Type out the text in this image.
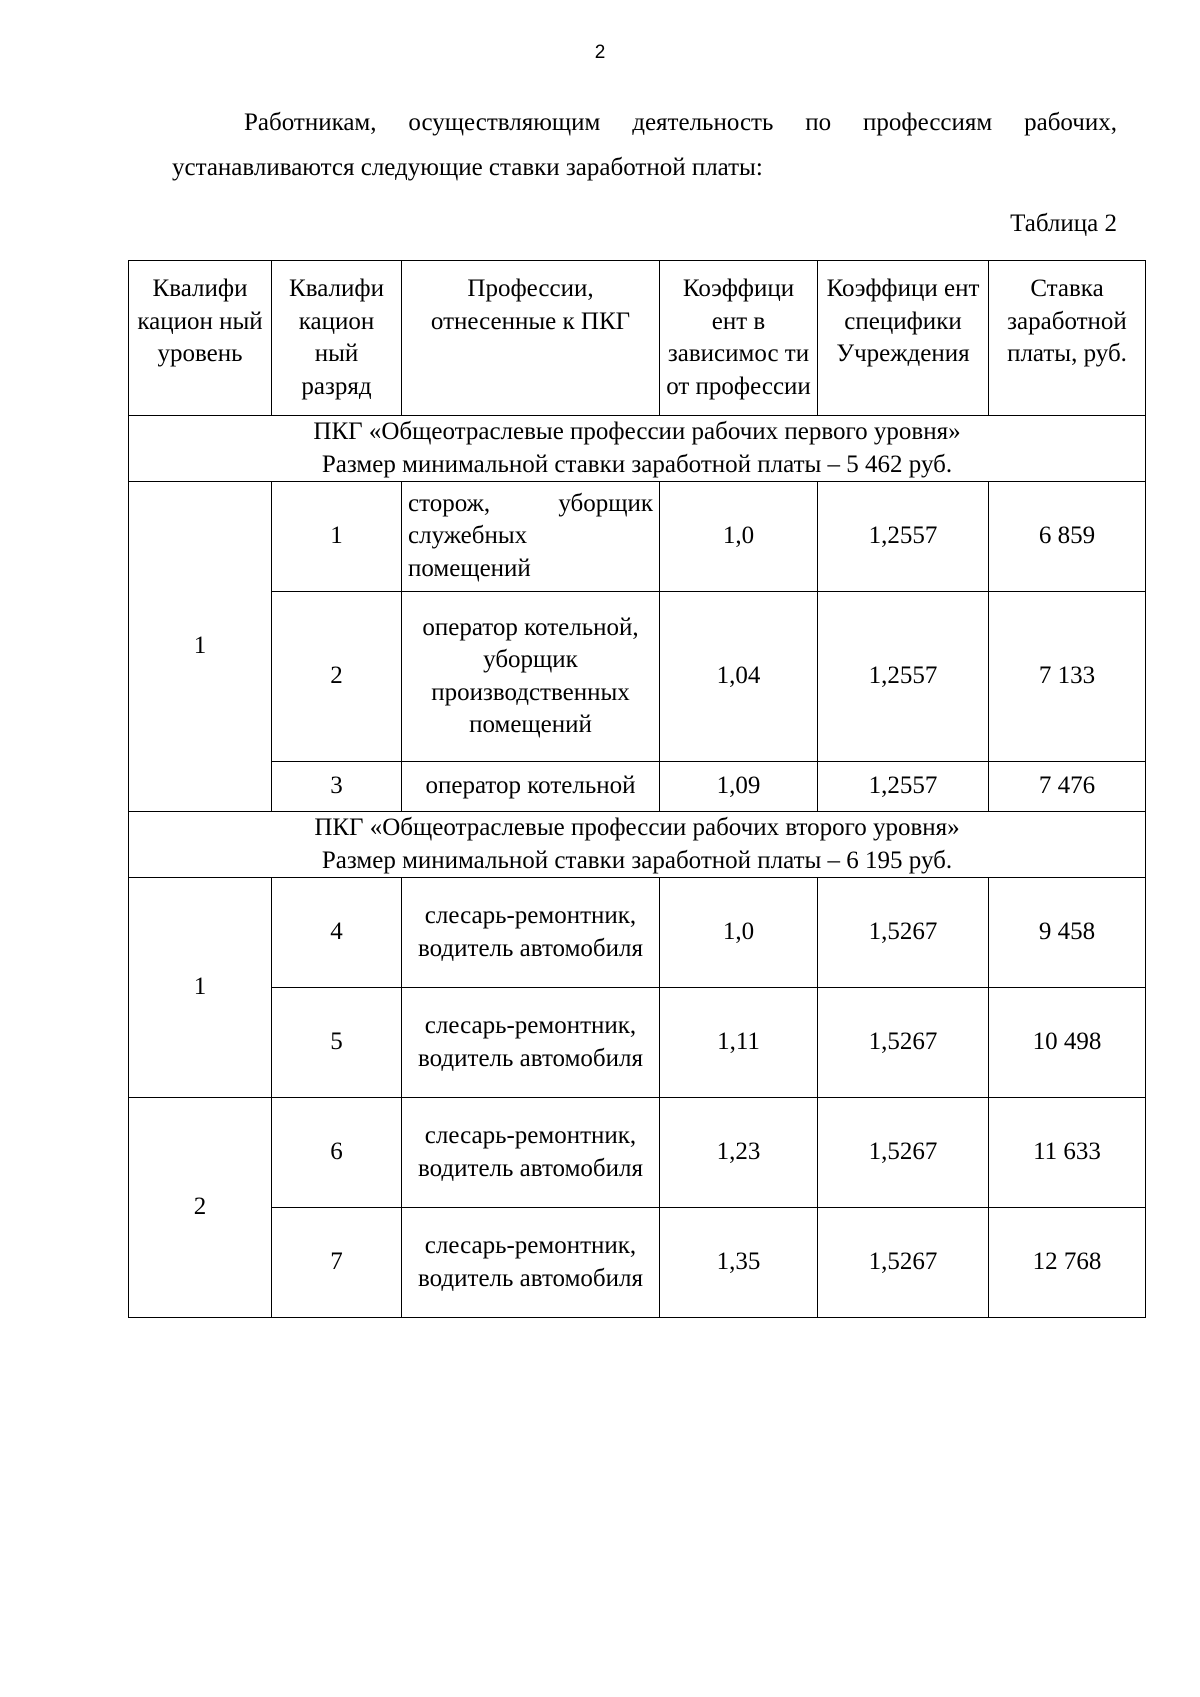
2
Работникам, осуществляющим деятельность по профессиям рабочих,
устанавливаются следующие ставки заработной платы:
Таблица 2
Квалифи кацион ный уровень	Квалифи кацион ный разряд	Профессии, отнесенные к ПКГ	Коэффици ент в зависимос ти от профессии	Коэффици ент специфики Учреждения	Ставка заработной платы, руб.

ПКГ «Общеотраслевые профессии рабочих первого уровня»
Размер минимальной ставки заработной платы – 5 462 руб.					

1	1	сторож, уборщик служебных помещений	1,0	1,2557	6 859
	2	оператор котельной, уборщик производственных помещений	1,04	1,2557	7 133
	3	оператор котельной	1,09	1,2557	7 476

ПКГ «Общеотраслевые профессии рабочих второго уровня»
Размер минимальной ставки заработной платы – 6 195 руб.					

1	4	слесарь-ремонтник, водитель автомобиля	1,0	1,5267	9 458
	5	слесарь-ремонтник, водитель автомобиля	1,11	1,5267	10 498
2	6	слесарь-ремонтник, водитель автомобиля	1,23	1,5267	11 633
	7	слесарь-ремонтник, водитель автомобиля	1,35	1,5267	12 768
